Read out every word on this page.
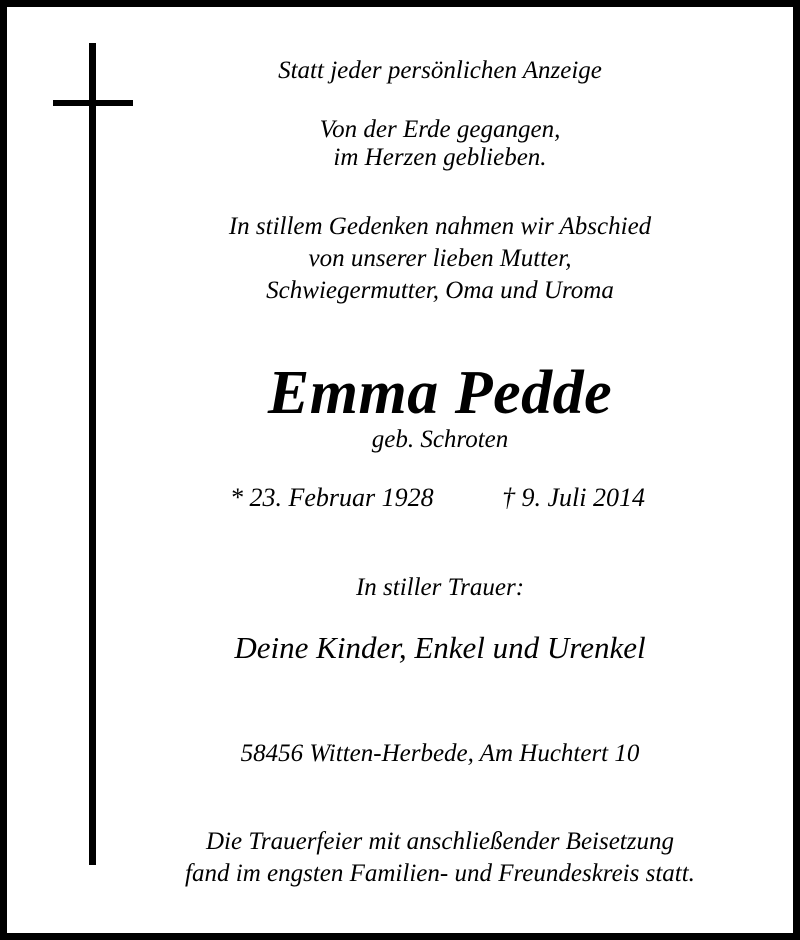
Statt jeder persönlichen Anzeige
Von der Erde gegangen,
im Herzen geblieben.
In stillem Gedenken nahmen wir Abschied
von unserer lieben Mutter,
Schwiegermutter, Oma und Uroma
Emma Pedde
geb. Schroten
* 23. Februar 1928	† 9. Juli 2014
In stiller Trauer:
Deine Kinder, Enkel und Urenkel
58456 Witten-Herbede, Am Huchtert 10
Die Trauerfeier mit anschließender Beisetzung
fand im engsten Familien- und Freundeskreis statt.
